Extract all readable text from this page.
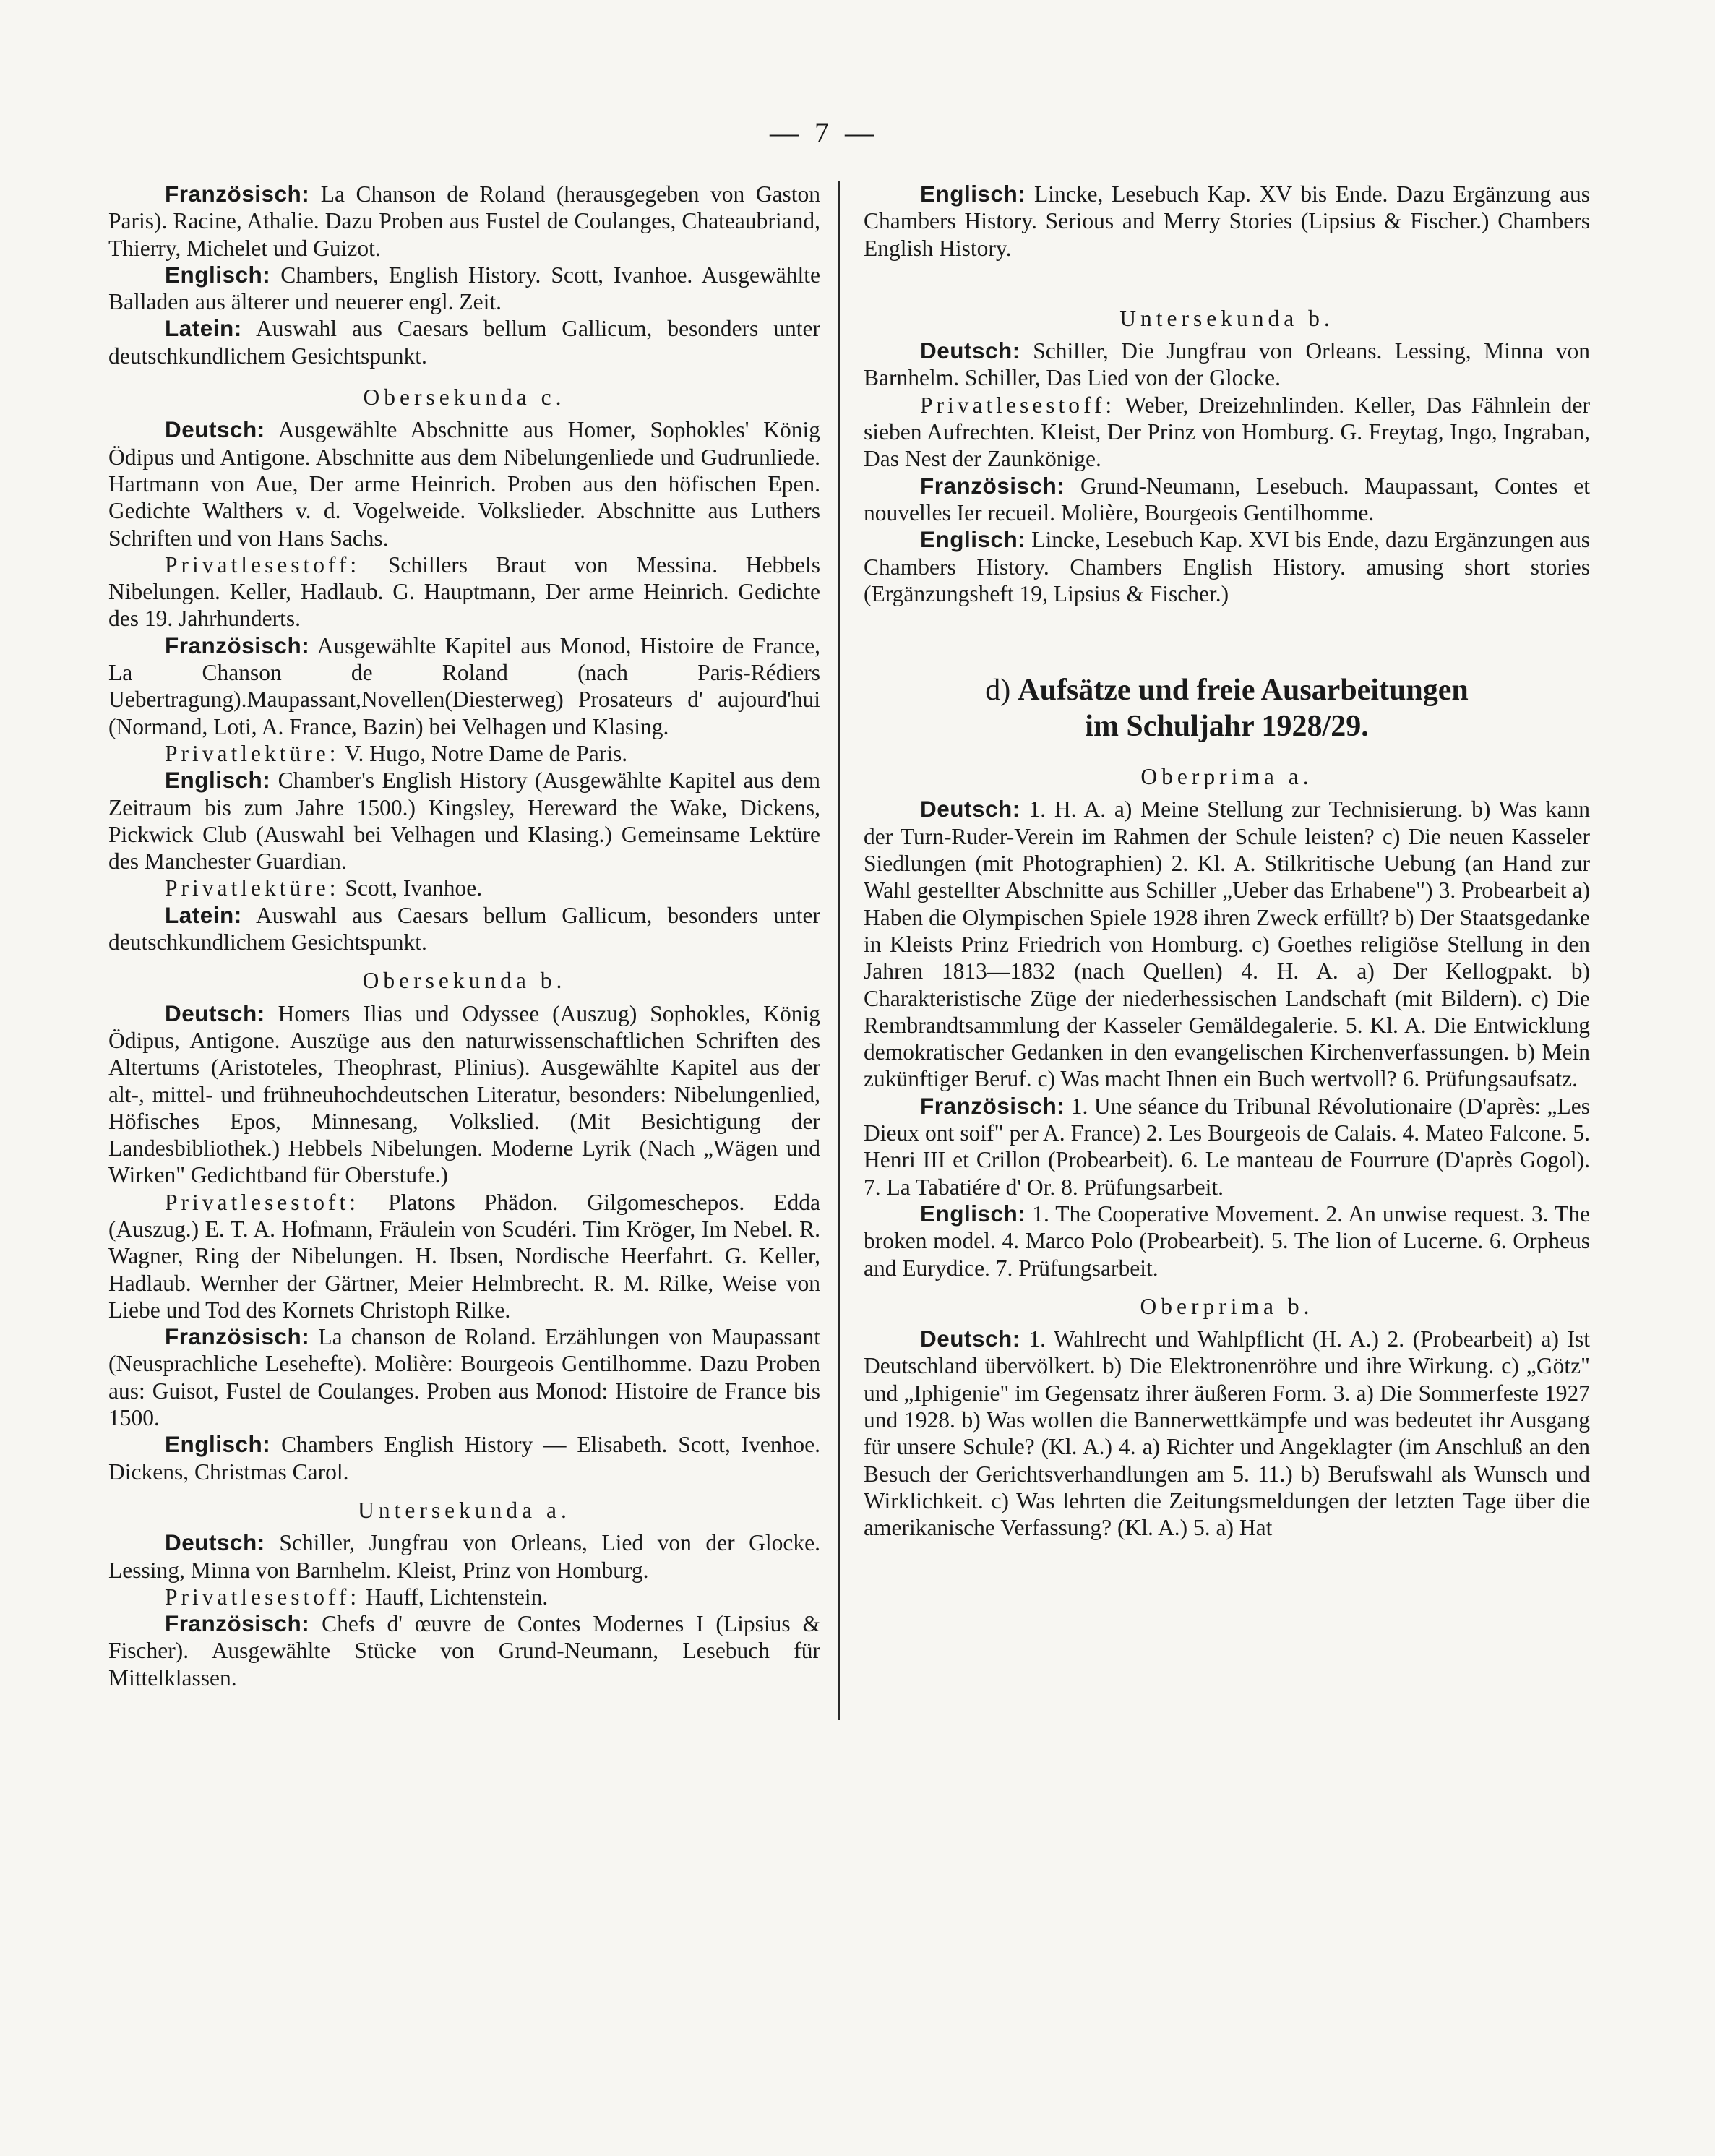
— 7 —

Französisch: La Chanson de Roland (herausgegeben von Gaston Paris). Racine, Athalie. Dazu Proben aus Fustel de Coulanges, Chateaubriand, Thierry, Michelet und Guizot.

Englisch: Chambers, English History. Scott, Ivanhoe. Ausgewählte Balladen aus älterer und neuerer engl. Zeit.

Latein: Auswahl aus Caesars bellum Gallicum, besonders unter deutschkundlichem Gesichtspunkt.

Obersekunda c.

Deutsch: Ausgewählte Abschnitte aus Homer, Sophokles' König Ödipus und Antigone. Abschnitte aus dem Nibelungenliede und Gudrunliede. Hartmann von Aue, Der arme Heinrich. Proben aus den höfischen Epen. Gedichte Walthers v. d. Vogelweide. Volkslieder. Abschnitte aus Luthers Schriften und von Hans Sachs.

Privatlesestoff: Schillers Braut von Messina. Hebbels Nibelungen. Keller, Hadlaub. G. Hauptmann, Der arme Heinrich. Gedichte des 19. Jahrhunderts.

Französisch: Ausgewählte Kapitel aus Monod, Histoire de France, La Chanson de Roland (nach Paris-Rédiers Uebertragung).Maupassant,Novellen(Diesterweg) Prosateurs d' aujourd'hui (Normand, Loti, A. France, Bazin) bei Velhagen und Klasing.

Privatlektüre: V. Hugo, Notre Dame de Paris.

Englisch: Chamber's English History (Ausgewählte Kapitel aus dem Zeitraum bis zum Jahre 1500.) Kingsley, Hereward the Wake, Dickens, Pickwick Club (Auswahl bei Velhagen und Klasing.) Gemeinsame Lektüre des Manchester Guardian.

Privatlektüre: Scott, Ivanhoe.

Latein: Auswahl aus Caesars bellum Gallicum, besonders unter deutschkundlichem Gesichtspunkt.

Obersekunda b.

Deutsch: Homers Ilias und Odyssee (Auszug) Sophokles, König Ödipus, Antigone. Auszüge aus den naturwissenschaftlichen Schriften des Altertums (Aristoteles, Theophrast, Plinius). Ausgewählte Kapitel aus der alt-, mittel- und frühneuhochdeutschen Literatur, besonders: Nibelungenlied, Höfisches Epos, Minnesang, Volkslied. (Mit Besichtigung der Landesbibliothek.) Hebbels Nibelungen. Moderne Lyrik (Nach „Wägen und Wirken" Gedichtband für Oberstufe.)

Privatlesestoft: Platons Phädon. Gilgomeschepos. Edda (Auszug.) E. T. A. Hofmann, Fräulein von Scudéri. Tim Kröger, Im Nebel. R. Wagner, Ring der Nibelungen. H. Ibsen, Nordische Heerfahrt. G. Keller, Hadlaub. Wernher der Gärtner, Meier Helmbrecht. R. M. Rilke, Weise von Liebe und Tod des Kornets Christoph Rilke.

Französisch: La chanson de Roland. Erzählungen von Maupassant (Neusprachliche Lesehefte). Molière: Bourgeois Gentilhomme. Dazu Proben aus: Guisot, Fustel de Coulanges. Proben aus Monod: Histoire de France bis 1500.

Englisch: Chambers English History — Elisabeth. Scott, Ivenhoe. Dickens, Christmas Carol.

Untersekunda a.

Deutsch: Schiller, Jungfrau von Orleans, Lied von der Glocke. Lessing, Minna von Barnhelm. Kleist, Prinz von Homburg.

Privatlesestoff: Hauff, Lichtenstein.

Französisch: Chefs d' œuvre de Contes Modernes I (Lipsius & Fischer). Ausgewählte Stücke von Grund-Neumann, Lesebuch für Mittelklassen.

Englisch: Lincke, Lesebuch Kap. XV bis Ende. Dazu Ergänzung aus Chambers History. Serious and Merry Stories (Lipsius & Fischer.) Chambers English History.

Untersekunda b.

Deutsch: Schiller, Die Jungfrau von Orleans. Lessing, Minna von Barnhelm. Schiller, Das Lied von der Glocke.

Privatlesestoff: Weber, Dreizehnlinden. Keller, Das Fähnlein der sieben Aufrechten. Kleist, Der Prinz von Homburg. G. Freytag, Ingo, Ingraban, Das Nest der Zaunkönige.

Französisch: Grund-Neumann, Lesebuch. Maupassant, Contes et nouvelles Ier recueil. Molière, Bourgeois Gentilhomme.

Englisch: Lincke, Lesebuch Kap. XVI bis Ende, dazu Ergänzungen aus Chambers History. Chambers English History. amusing short stories (Ergänzungsheft 19, Lipsius & Fischer.)

d) Aufsätze und freie Ausarbeitungen
im Schuljahr 1928/29.

Oberprima a.

Deutsch: 1. H. A. a) Meine Stellung zur Technisierung. b) Was kann der Turn-Ruder-Verein im Rahmen der Schule leisten? c) Die neuen Kasseler Siedlungen (mit Photographien) 2. Kl. A. Stilkritische Uebung (an Hand zur Wahl gestellter Abschnitte aus Schiller „Ueber das Erhabene") 3. Probearbeit a) Haben die Olympischen Spiele 1928 ihren Zweck erfüllt? b) Der Staatsgedanke in Kleists Prinz Friedrich von Homburg. c) Goethes religiöse Stellung in den Jahren 1813—1832 (nach Quellen) 4. H. A. a) Der Kellogpakt. b) Charakteristische Züge der niederhessischen Landschaft (mit Bildern). c) Die Rembrandtsammlung der Kasseler Gemäldegalerie. 5. Kl. A. Die Entwicklung demokratischer Gedanken in den evangelischen Kirchenverfassungen. b) Mein zukünftiger Beruf. c) Was macht Ihnen ein Buch wertvoll? 6. Prüfungsaufsatz.

Französisch: 1. Une séance du Tribunal Révolutionaire (D'après: „Les Dieux ont soif" per A. France) 2. Les Bourgeois de Calais. 4. Mateo Falcone. 5. Henri III et Crillon (Probearbeit). 6. Le manteau de Fourrure (D'après Gogol). 7. La Tabatiére d' Or. 8. Prüfungsarbeit.

Englisch: 1. The Cooperative Movement. 2. An unwise request. 3. The broken model. 4. Marco Polo (Probearbeit). 5. The lion of Lucerne. 6. Orpheus and Eurydice. 7. Prüfungsarbeit.

Oberprima b.

Deutsch: 1. Wahlrecht und Wahlpflicht (H. A.) 2. (Probearbeit) a) Ist Deutschland übervölkert. b) Die Elektronenröhre und ihre Wirkung. c) „Götz" und „Iphigenie" im Gegensatz ihrer äußeren Form. 3. a) Die Sommerfeste 1927 und 1928. b) Was wollen die Bannerwettkämpfe und was bedeutet ihr Ausgang für unsere Schule? (Kl. A.) 4. a) Richter und Angeklagter (im Anschluß an den Besuch der Gerichtsverhandlungen am 5. 11.) b) Berufswahl als Wunsch und Wirklichkeit. c) Was lehrten die Zeitungsmeldungen der letzten Tage über die amerikanische Verfassung? (Kl. A.) 5. a) Hat
